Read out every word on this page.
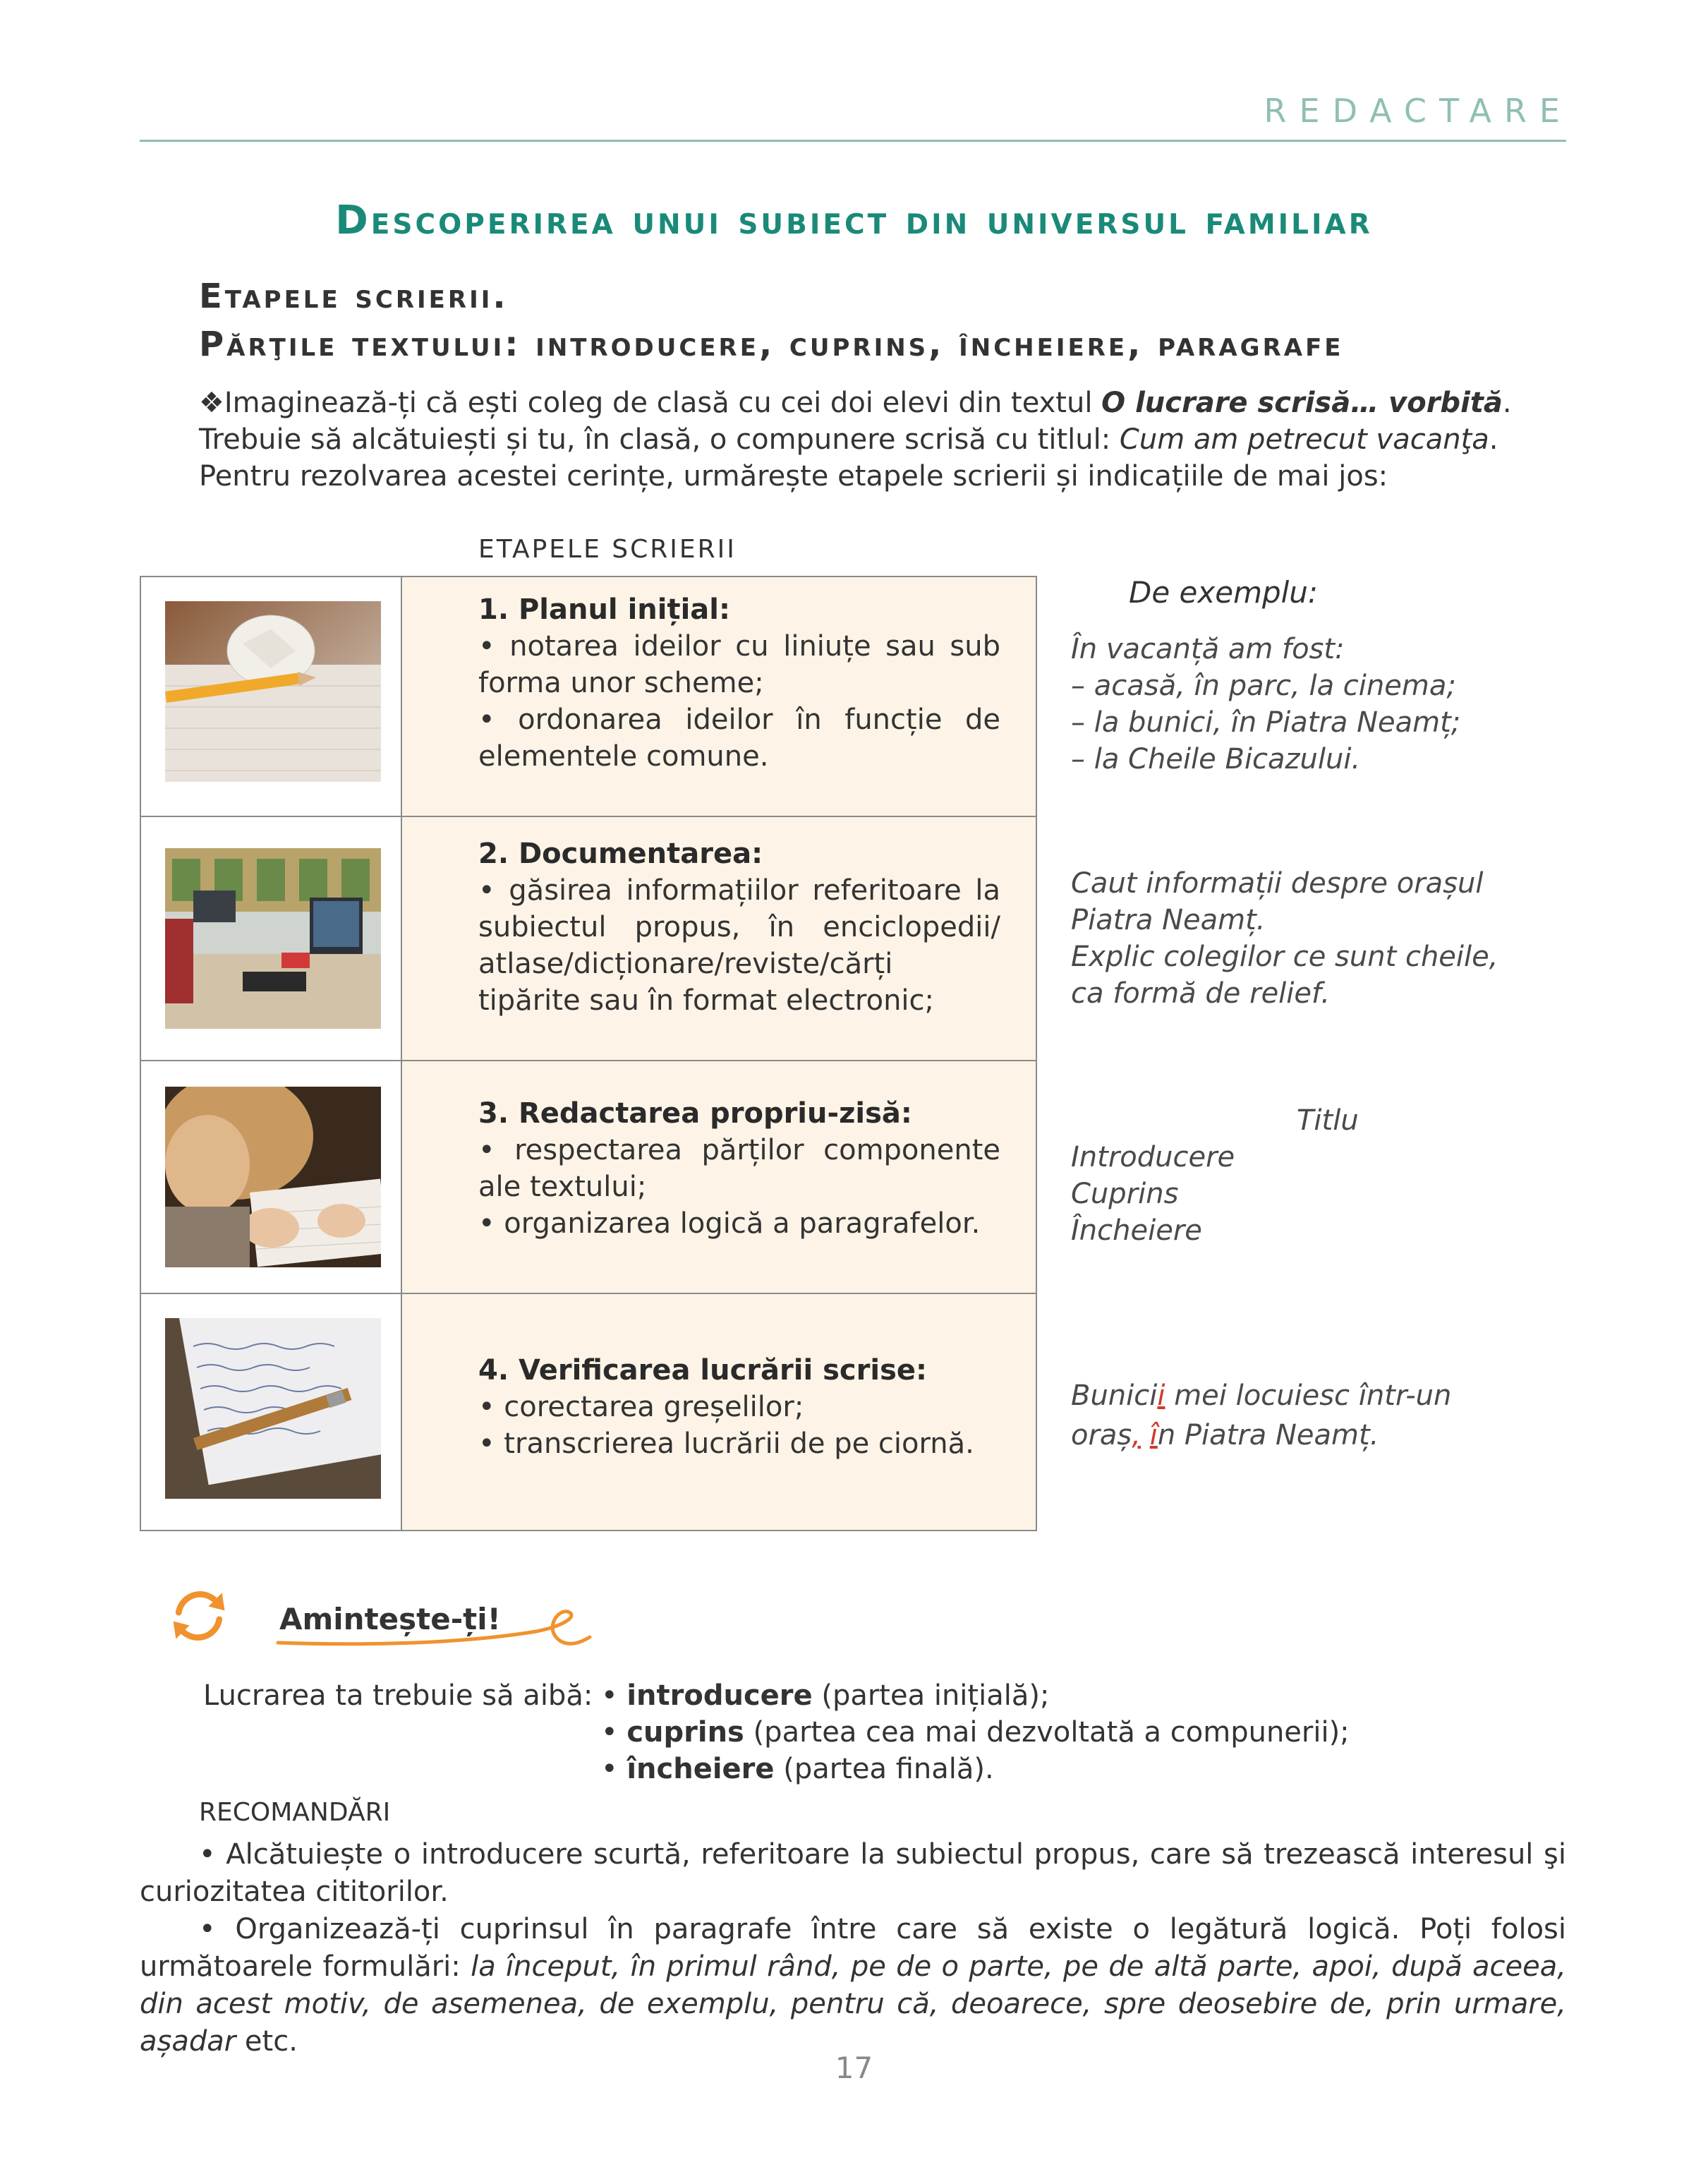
REDACTARE
Descoperirea unui subiect din universul familiar
Etapele scrierii.
Părţile textului: introducere, cuprins, încheiere, paragrafe
❖Imaginează-ți că ești coleg de clasă cu cei doi elevi din textul O lucrare scrisă… vorbită.
Trebuie să alcătuiești și tu, în clasă, o compunere scrisă cu titlul: Cum am petrecut vacanţa.
Pentru rezolvarea acestei cerințe, urmărește etapele scrierii și indicațiile de mai jos:
ETAPELE SCRIERII
1. Planul inițial:
• notarea ideilor cu liniuțe sau sub forma unor scheme;
• ordonarea ideilor în funcție de elementele comune.
2. Documentarea:
• găsirea informațiilor referitoare la subiectul propus, în enciclopedii/ atlase/dicționare/reviste/cărți tipărite sau în format electronic;
3. Redactarea propriu-zisă:
• respectarea părților componente ale textului;
• organizarea logică a paragrafelor.
4. Verificarea lucrării scrise:
• corectarea greșelilor;
• transcrierea lucrării de pe ciornă.
De exemplu:
În vacanță am fost:
– acasă, în parc, la cinema;
– la bunici, în Piatra Neamț;
– la Cheile Bicazului.
Caut informații despre orașul
Piatra Neamț.
Explic colegilor ce sunt cheile,
ca formă de relief.
Titlu
Introducere
Cuprins
Încheiere
Bunicii mei locuiesc într-un
oraș, în Piatra Neamț.
Amintește-ți!
Lucrarea ta trebuie să aibă: • introducere (partea inițială);
• cuprins (partea cea mai dezvoltată a compunerii);
• încheiere (partea finală).
RECOMANDĂRI
• Alcătuiește o introducere scurtă, referitoare la subiectul propus, care să trezească interesul şi curiozitatea cititorilor.
• Organizează-ți cuprinsul în paragrafe între care să existe o legătură logică. Poți folosi următoarele formulări: la început, în primul rând, pe de o parte, pe de altă parte, apoi, după aceea, din acest motiv, de asemenea, de exemplu, pentru că, deoarece, spre deosebire de, prin urmare, așadar etc.
17
